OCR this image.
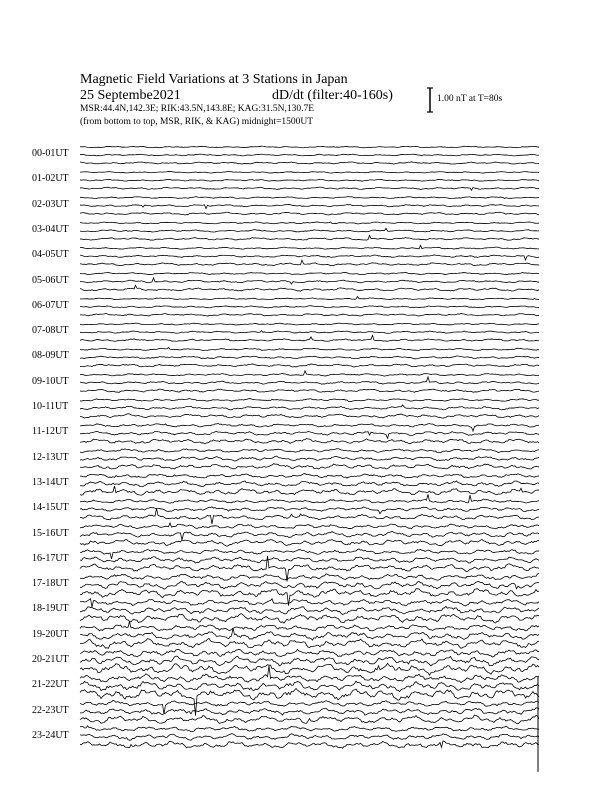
Magnetic Field Variations at 3 Stations in Japan
25 Septembe2021	dD/dt (filter:40-160s)
MSR:44.4N,142.3E; RIK:43.5N,143.8E; KAG:31.5N,130.7E
(from bottom to top, MSR, RIK, & KAG) midnight=1500UT
1.00 nT at T=80s
00-01UT
01-02UT
02-03UT
03-04UT
04-05UT
05-06UT
06-07UT
07-08UT
08-09UT
09-10UT
10-11UT
11-12UT
12-13UT
13-14UT
14-15UT
15-16UT
16-17UT
17-18UT
18-19UT
19-20UT
20-21UT
21-22UT
22-23UT
23-24UT
